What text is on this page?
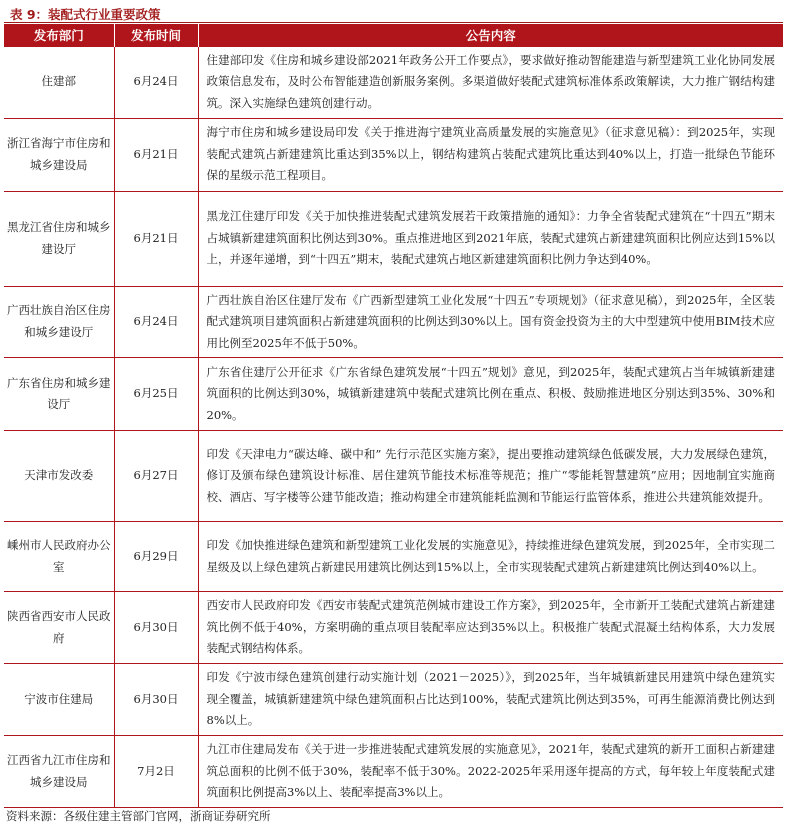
表 9：装配式行业重要政策
发布部门	发布时间	公告内容
住建部	6月24日	住建部印发《住房和城乡建设部2021年政务公开工作要点》，要求做好推动智能建造与新型建筑工业化协同发展政策信息发布，及时公布智能建造创新服务案例。多渠道做好装配式建筑标准体系政策解读，大力推广钢结构建筑。深入实施绿色建筑创建行动。
浙江省海宁市住房和城乡建设局	6月21日	海宁市住房和城乡建设局印发《关于推进海宁建筑业高质量发展的实施意见》（征求意见稿）：到2025年，实现装配式建筑占新建建筑比重达到35%以上，钢结构建筑占装配式建筑比重达到40%以上，打造一批绿色节能环保的星级示范工程项目。
黑龙江省住房和城乡建设厅	6月21日	黑龙江住建厅印发《关于加快推进装配式建筑发展若干政策措施的通知》：力争全省装配式建筑在“十四五”期末占城镇新建建筑面积比例达到30%。重点推进地区到2021年底，装配式建筑占新建建筑面积比例应达到15%以上，并逐年递增，到“十四五”期末，装配式建筑占地区新建建筑面积比例力争达到40%。
广西壮族自治区住房和城乡建设厅	6月24日	广西壮族自治区住建厅发布《广西新型建筑工业化发展“十四五”专项规划》（征求意见稿），到2025年，全区装配式建筑项目建筑面积占新建建筑面积的比例达到30%以上。国有资金投资为主的大中型建筑中使用BIM技术应用比例至2025年不低于50%。
广东省住房和城乡建设厅	6月25日	广东省住建厅公开征求《广东省绿色建筑发展“十四五”规划》意见，到2025年，装配式建筑占当年城镇新建建筑面积的比例达到30%，城镇新建建筑中装配式建筑比例在重点、积极、鼓励推进地区分别达到35%、30%和20%。
天津市发改委	6月27日	印发《天津电力“碳达峰、碳中和” 先行示范区实施方案》，提出要推动建筑绿色低碳发展，大力发展绿色建筑，修订及颁布绿色建筑设计标准、居住建筑节能技术标准等规范；推广“零能耗智慧建筑”应用；因地制宜实施商校、酒店、写字楼等公建节能改造；推动构建全市建筑能耗监测和节能运行监管体系，推进公共建筑能效提升。
嵊州市人民政府办公室	6月29日	印发《加快推进绿色建筑和新型建筑工业化发展的实施意见》，持续推进绿色建筑发展，到2025年，全市实现二星级及以上绿色建筑占新建民用建筑比例达到15%以上，全市实现装配式建筑占新建建筑比例达到40%以上。
陕西省西安市人民政府	6月30日	西安市人民政府印发《西安市装配式建筑范例城市建设工作方案》，到2025年，全市新开工装配式建筑占新建建筑比例不低于40%，方案明确的重点项目装配率应达到35%以上。积极推广装配式混凝土结构体系，大力发展装配式钢结构体系。
宁波市住建局	6月30日	印发《宁波市绿色建筑创建行动实施计划（2021－2025）》，到2025年，当年城镇新建民用建筑中绿色建筑实现全覆盖，城镇新建建筑中绿色建筑面积占比达到100%，装配式建筑比例达到35%，可再生能源消费比例达到8%以上。
江西省九江市住房和城乡建设局	7月2日	九江市住建局发布《关于进一步推进装配式建筑发展的实施意见》，2021年，装配式建筑的新开工面积占新建建筑总面积的比例不低于30%，装配率不低于30%。2022-2025年采用逐年提高的方式，每年较上年度装配式建筑面积比例提高3%以上、装配率提高3%以上。
资料来源：各级住建主管部门官网，浙商证券研究所
